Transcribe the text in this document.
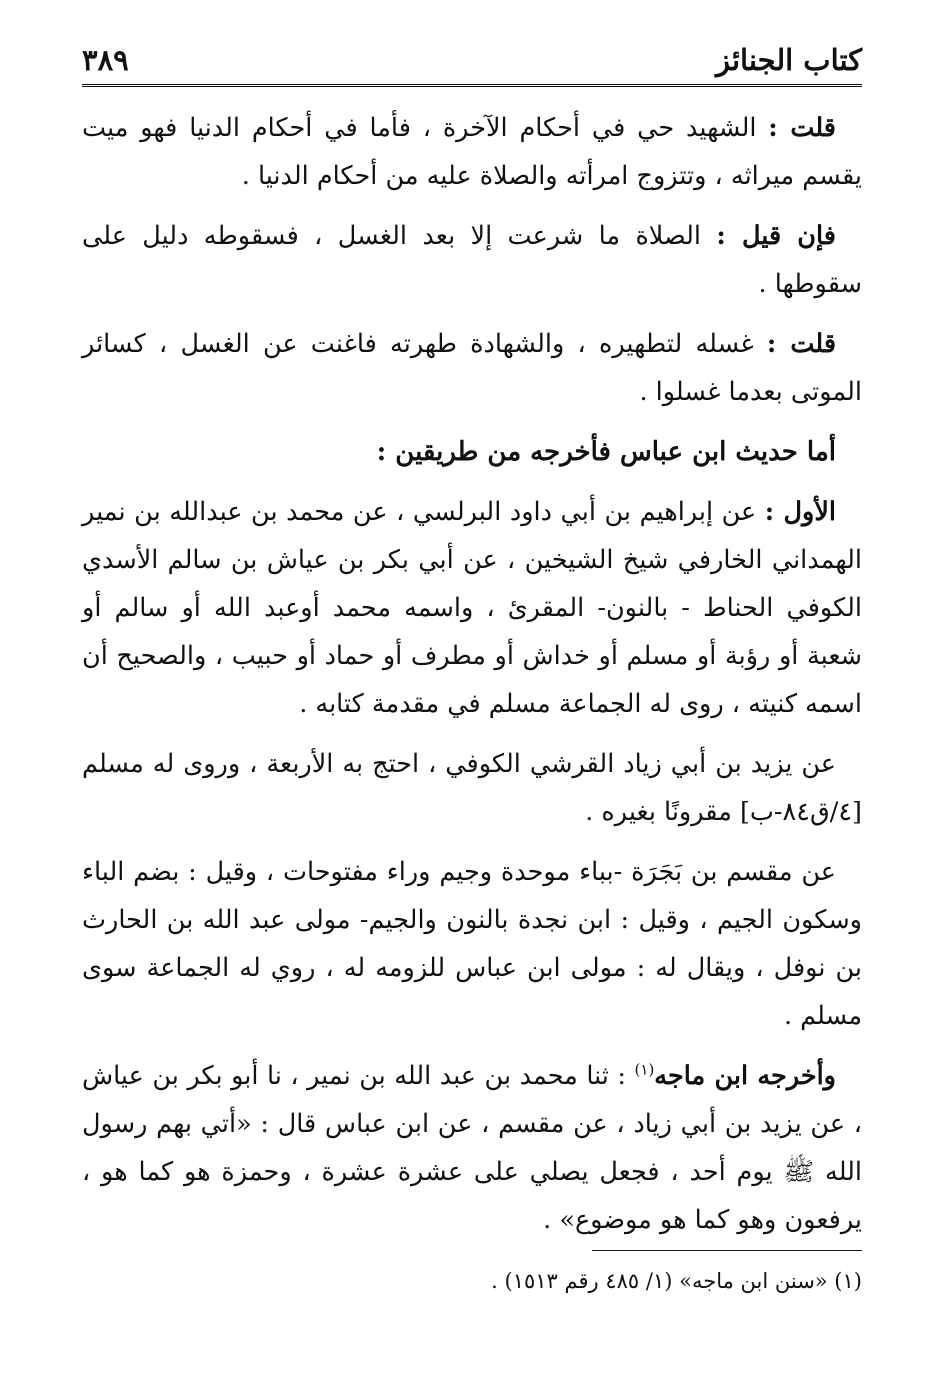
كتاب الجنائز
٣٨٩

قلت : الشهيد حي في أحكام الآخرة ، فأما في أحكام الدنيا فهو ميت يقسم ميراثه ، وتتزوج امرأته والصلاة عليه من أحكام الدنيا .

فإن قيل : الصلاة ما شرعت إلا بعد الغسل ، فسقوطه دليل على سقوطها .

قلت : غسله لتطهيره ، والشهادة طهرته فاغنت عن الغسل ، كسائر الموتى بعدما غسلوا .

أما حديث ابن عباس فأخرجه من طريقين :

الأول : عن إبراهيم بن أبي داود البرلسي ، عن محمد بن عبدالله بن نمير الهمداني الخارفي شيخ الشيخين ، عن أبي بكر بن عياش بن سالم الأسدي الكوفي الحناط - بالنون- المقرئ ، واسمه محمد أوعبد الله أو سالم أو شعبة أو رؤبة أو مسلم أو خداش أو مطرف أو حماد أو حبيب ، والصحيح أن اسمه كنيته ، روى له الجماعة مسلم في مقدمة كتابه .

عن يزيد بن أبي زياد القرشي الكوفي ، احتج به الأربعة ، وروى له مسلم [٤/ق٨٤-ب] مقرونًا بغيره .

عن مقسم بن بَجَرَة -بباء موحدة وجيم وراء مفتوحات ، وقيل : بضم الباء وسكون الجيم ، وقيل : ابن نجدة بالنون والجيم- مولى عبد الله بن الحارث بن نوفل ، ويقال له : مولى ابن عباس للزومه له ، روي له الجماعة سوى مسلم .

وأخرجه ابن ماجه$^{(١)}$ : ثنا محمد بن عبد الله بن نمير ، نا أبو بكر بن عياش ، عن يزيد بن أبي زياد ، عن مقسم ، عن ابن عباس قال : «أتي بهم رسول الله ﷺ يوم أحد ، فجعل يصلي على عشرة عشرة ، وحمزة هو كما هو ، يرفعون وهو كما هو موضوع» .

(١) «سنن ابن ماجه» (١/ ٤٨٥ رقم ١٥١٣) .
